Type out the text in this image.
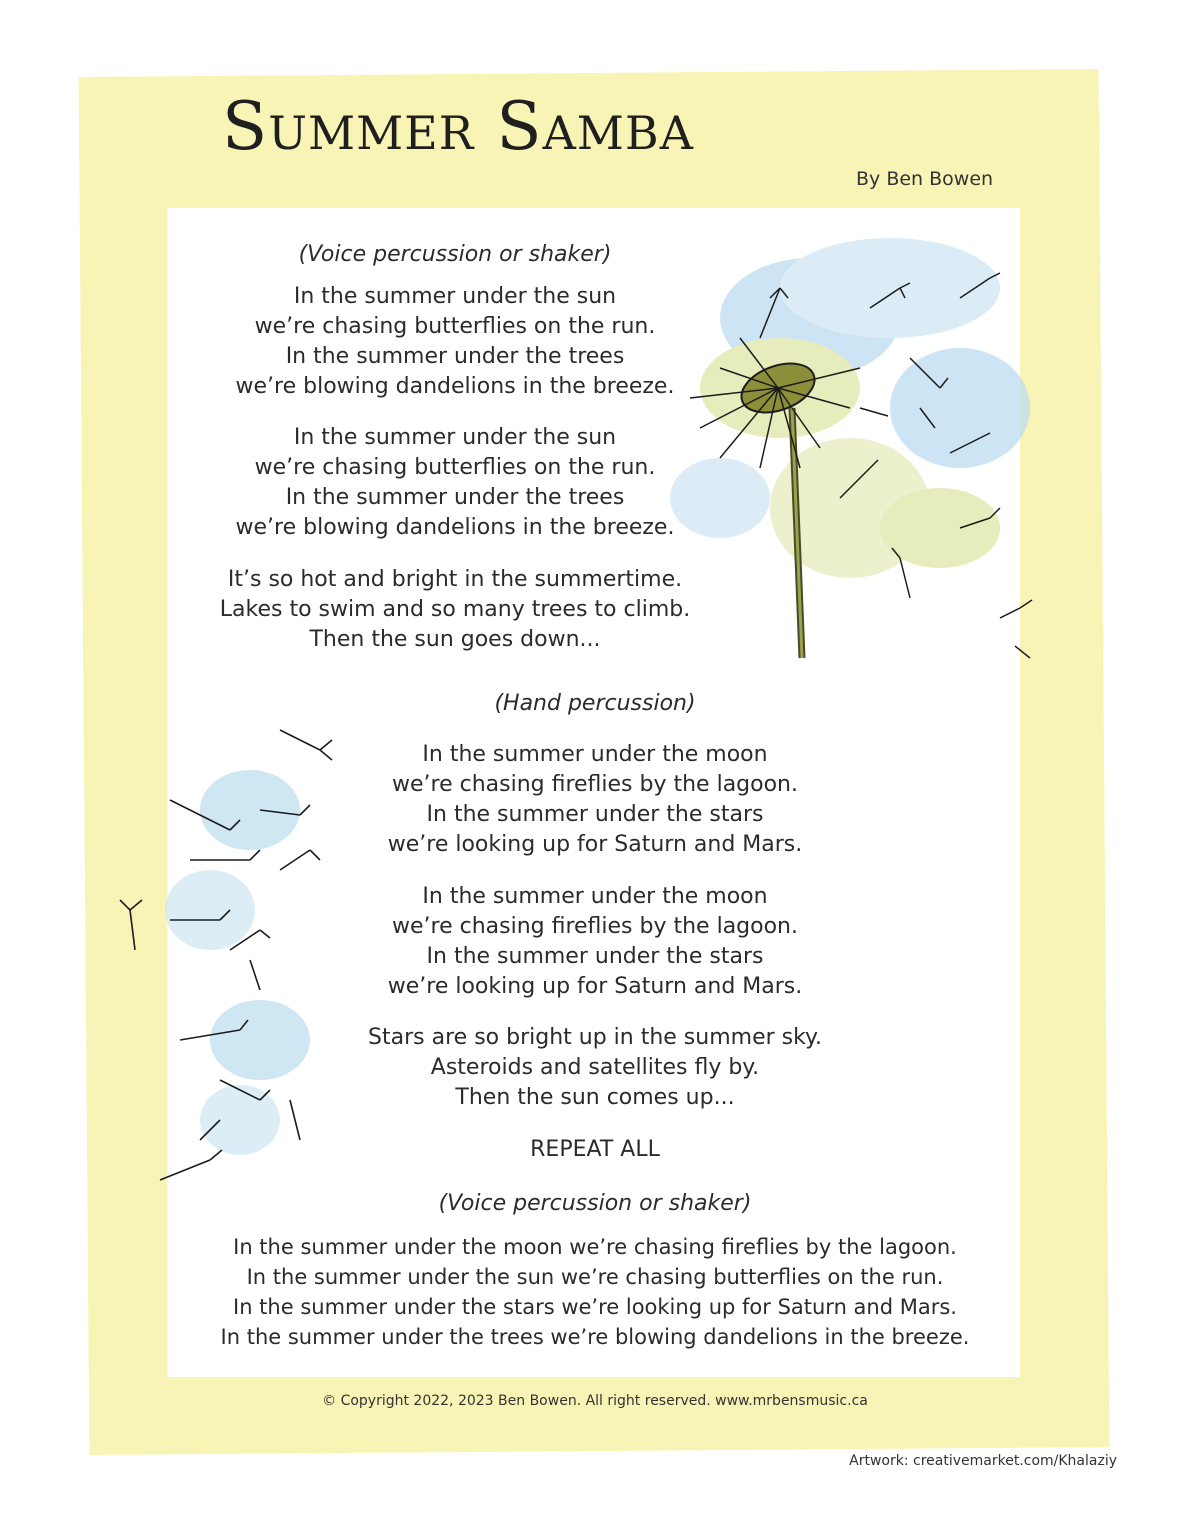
Summer Samba
By Ben Bowen
(Voice percussion or shaker)
In the summer under the sun
we’re chasing butterflies on the run.
In the summer under the trees
we’re blowing dandelions in the breeze.
In the summer under the sun
we’re chasing butterflies on the run.
In the summer under the trees
we’re blowing dandelions in the breeze.
It’s so hot and bright in the summertime.
Lakes to swim and so many trees to climb.
Then the sun goes down...
(Hand percussion)
In the summer under the moon
we’re chasing fireflies by the lagoon.
In the summer under the stars
we’re looking up for Saturn and Mars.
In the summer under the moon
we’re chasing fireflies by the lagoon.
In the summer under the stars
we’re looking up for Saturn and Mars.
Stars are so bright up in the summer sky.
Asteroids and satellites fly by.
Then the sun comes up...
REPEAT ALL
(Voice percussion or shaker)
In the summer under the moon we’re chasing fireflies by the lagoon.
In the summer under the sun we’re chasing butterflies on the run.
In the summer under the stars we’re looking up for Saturn and Mars.
In the summer under the trees we’re blowing dandelions in the breeze.
© Copyright 2022, 2023 Ben Bowen. All right reserved. www.mrbensmusic.ca
Artwork: creativemarket.com/Khalaziy
